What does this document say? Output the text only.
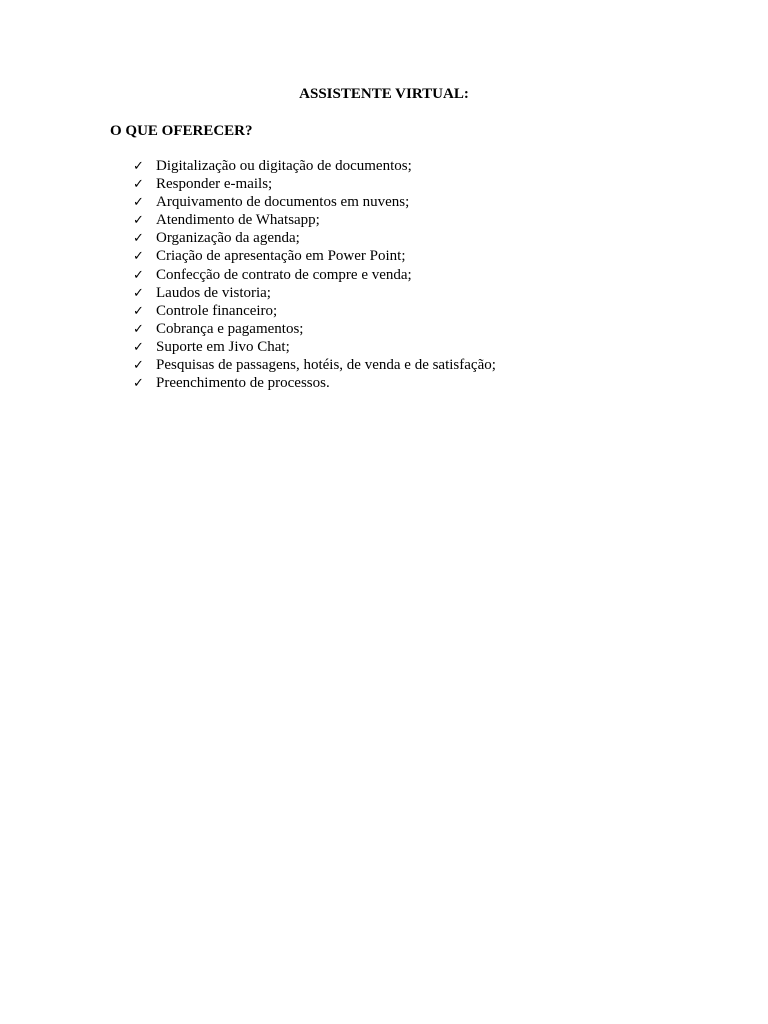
ASSISTENTE VIRTUAL:
O QUE OFERECER?
✓ Digitalização ou digitação de documentos;
✓ Responder e-mails;
✓ Arquivamento de documentos em nuvens;
✓ Atendimento de Whatsapp;
✓ Organização da agenda;
✓ Criação de apresentação em Power Point;
✓ Confecção de contrato de compre e venda;
✓ Laudos de vistoria;
✓ Controle financeiro;
✓ Cobrança e pagamentos;
✓ Suporte em Jivo Chat;
✓ Pesquisas de passagens, hotéis, de venda e de satisfação;
✓ Preenchimento de processos.
